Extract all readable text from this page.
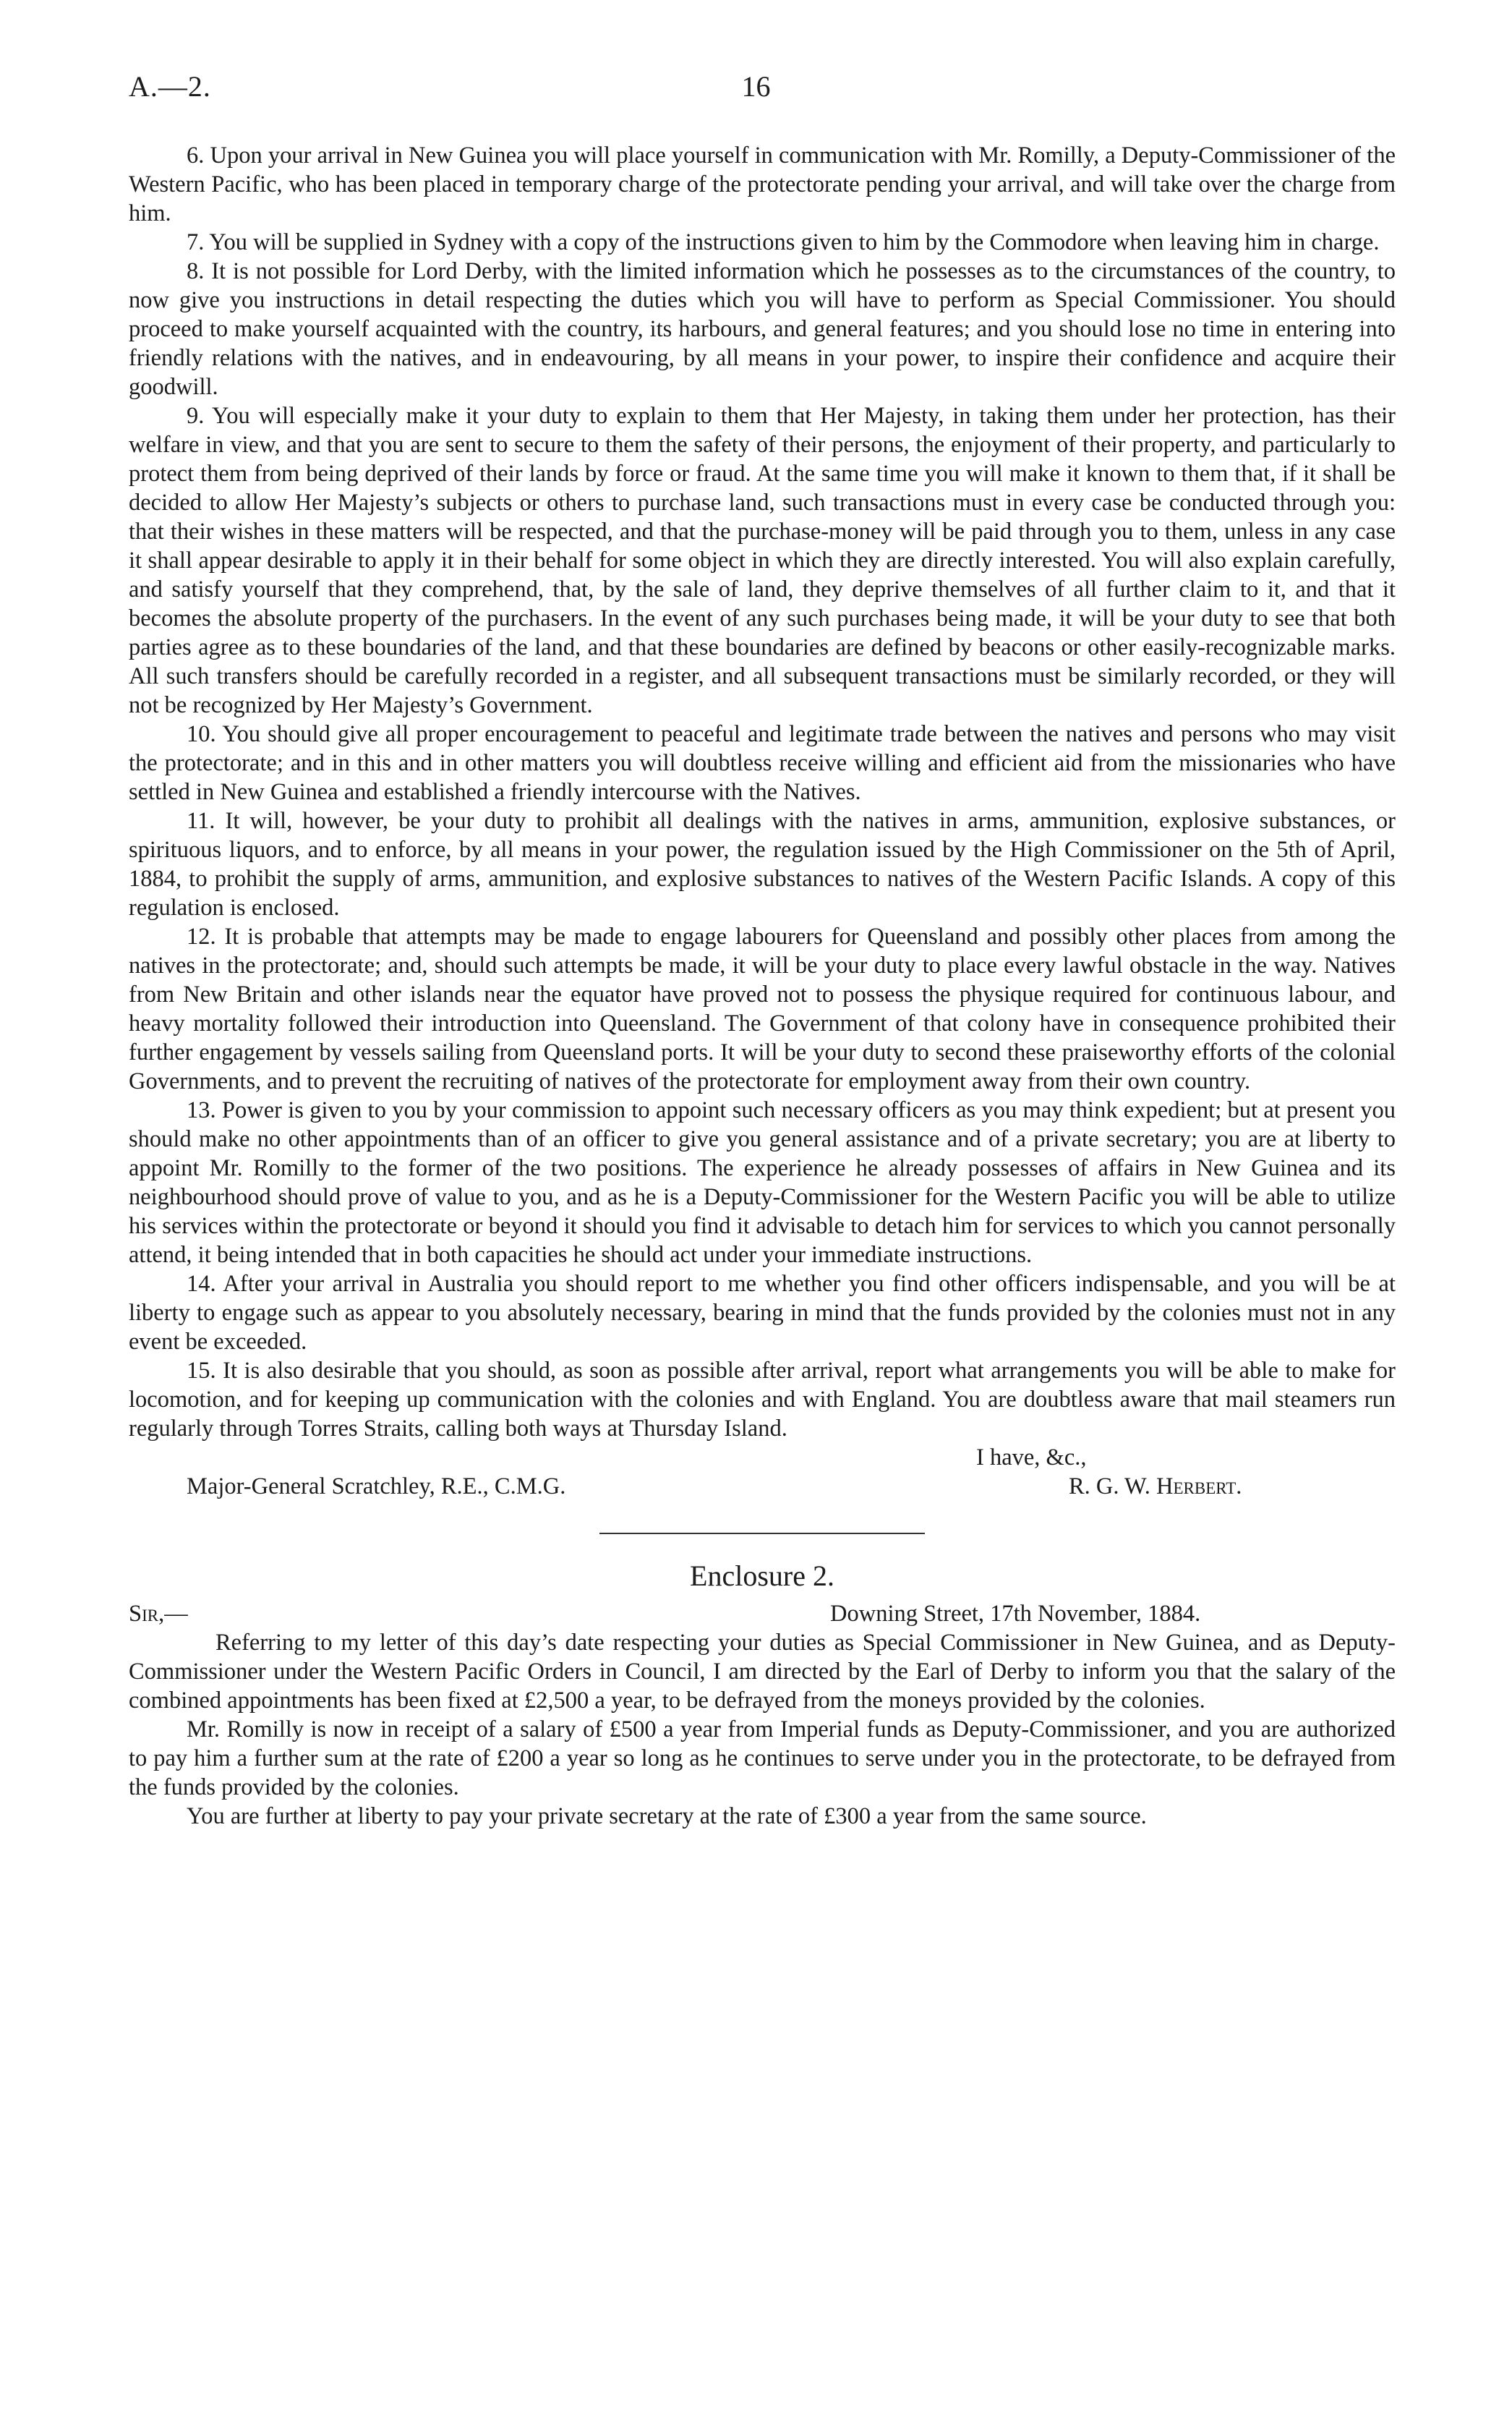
16
A.—2.

6. Upon your arrival in New Guinea you will place yourself in communication with Mr. Romilly, a Deputy-Commissioner of the Western Pacific, who has been placed in temporary charge of the protectorate pending your arrival, and will take over the charge from him.

7. You will be supplied in Sydney with a copy of the instructions given to him by the Commodore when leaving him in charge.

8. It is not possible for Lord Derby, with the limited information which he possesses as to the circumstances of the country, to now give you instructions in detail respecting the duties which you will have to perform as Special Commissioner. You should proceed to make yourself acquainted with the country, its harbours, and general features; and you should lose no time in entering into friendly relations with the natives, and in endeavouring, by all means in your power, to inspire their confidence and acquire their goodwill.

9. You will especially make it your duty to explain to them that Her Majesty, in taking them under her protection, has their welfare in view, and that you are sent to secure to them the safety of their persons, the enjoyment of their property, and particularly to protect them from being deprived of their lands by force or fraud. At the same time you will make it known to them that, if it shall be decided to allow Her Majesty’s subjects or others to purchase land, such transactions must in every case be conducted through you: that their wishes in these matters will be respected, and that the purchase-money will be paid through you to them, unless in any case it shall appear desirable to apply it in their behalf for some object in which they are directly interested. You will also explain carefully, and satisfy yourself that they comprehend, that, by the sale of land, they deprive themselves of all further claim to it, and that it becomes the absolute property of the purchasers. In the event of any such purchases being made, it will be your duty to see that both parties agree as to these boundaries of the land, and that these boundaries are defined by beacons or other easily-recognizable marks. All such transfers should be carefully recorded in a register, and all subsequent transactions must be similarly recorded, or they will not be recognized by Her Majesty’s Government.

10. You should give all proper encouragement to peaceful and legitimate trade between the natives and persons who may visit the protectorate; and in this and in other matters you will doubtless receive willing and efficient aid from the missionaries who have settled in New Guinea and established a friendly intercourse with the Natives.

11. It will, however, be your duty to prohibit all dealings with the natives in arms, ammunition, explosive substances, or spirituous liquors, and to enforce, by all means in your power, the regulation issued by the High Commissioner on the 5th of April, 1884, to prohibit the supply of arms, ammunition, and explosive substances to natives of the Western Pacific Islands. A copy of this regulation is enclosed.

12. It is probable that attempts may be made to engage labourers for Queensland and possibly other places from among the natives in the protectorate; and, should such attempts be made, it will be your duty to place every lawful obstacle in the way. Natives from New Britain and other islands near the equator have proved not to possess the physique required for continuous labour, and heavy mortality followed their introduction into Queensland. The Government of that colony have in consequence prohibited their further engagement by vessels sailing from Queensland ports. It will be your duty to second these praiseworthy efforts of the colonial Governments, and to prevent the recruiting of natives of the protectorate for employment away from their own country.

13. Power is given to you by your commission to appoint such necessary officers as you may think expedient; but at present you should make no other appointments than of an officer to give you general assistance and of a private secretary; you are at liberty to appoint Mr. Romilly to the former of the two positions. The experience he already possesses of affairs in New Guinea and its neighbourhood should prove of value to you, and as he is a Deputy-Commissioner for the Western Pacific you will be able to utilize his services within the protectorate or beyond it should you find it advisable to detach him for services to which you cannot personally attend, it being intended that in both capacities he should act under your immediate instructions.

14. After your arrival in Australia you should report to me whether you find other officers indispensable, and you will be at liberty to engage such as appear to you absolutely necessary, bearing in mind that the funds provided by the colonies must not in any event be exceeded.

15. It is also desirable that you should, as soon as possible after arrival, report what arrangements you will be able to make for locomotion, and for keeping up communication with the colonies and with England. You are doubtless aware that mail steamers run regularly through Torres Straits, calling both ways at Thursday Island.

I have, &c.,
Major-General Scratchley, R.E., C.M.G.	R. G. W. Herbert.
Enclosure 2.
Sir,—	Downing Street, 17th November, 1884.

Referring to my letter of this day’s date respecting your duties as Special Commissioner in New Guinea, and as Deputy-Commissioner under the Western Pacific Orders in Council, I am directed by the Earl of Derby to inform you that the salary of the combined appointments has been fixed at £2,500 a year, to be defrayed from the moneys provided by the colonies.

Mr. Romilly is now in receipt of a salary of £500 a year from Imperial funds as Deputy-Commissioner, and you are authorized to pay him a further sum at the rate of £200 a year so long as he continues to serve under you in the protectorate, to be defrayed from the funds provided by the colonies.

You are further at liberty to pay your private secretary at the rate of £300 a year from the same source.
